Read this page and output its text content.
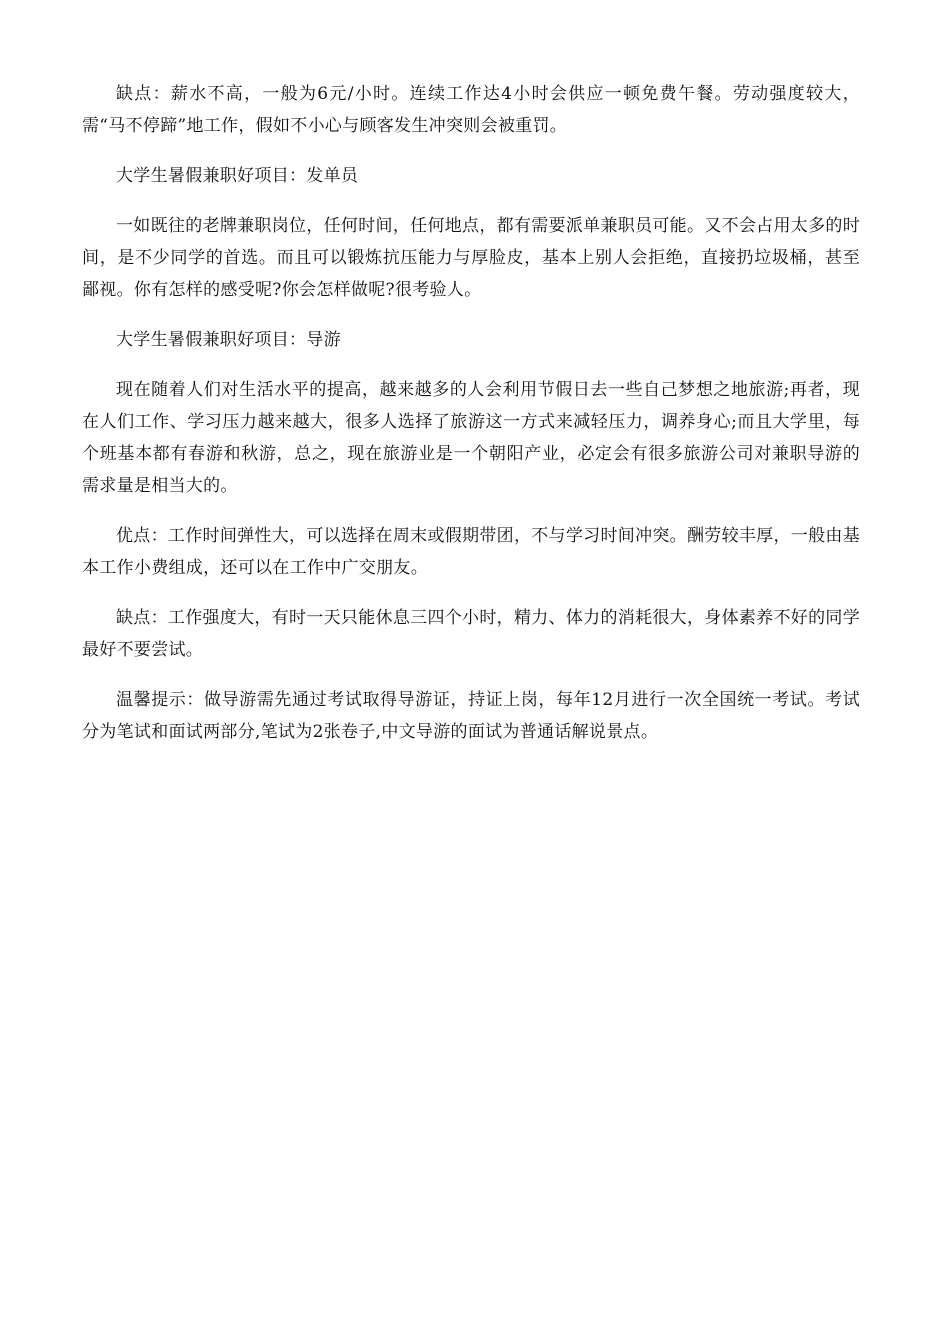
缺点：薪水不高，一般为6元/小时。连续工作达4小时会供应一顿免费午餐。劳动强度较大，需“马不停蹄”地工作，假如不小心与顾客发生冲突则会被重罚。

大学生暑假兼职好项目：发单员

一如既往的老牌兼职岗位，任何时间，任何地点，都有需要派单兼职员可能。又不会占用太多的时间，是不少同学的首选。而且可以锻炼抗压能力与厚脸皮，基本上别人会拒绝，直接扔垃圾桶，甚至鄙视。你有怎样的感受呢?你会怎样做呢?很考验人。

大学生暑假兼职好项目：导游

现在随着人们对生活水平的提高，越来越多的人会利用节假日去一些自己梦想之地旅游;再者，现在人们工作、学习压力越来越大，很多人选择了旅游这一方式来减轻压力，调养身心;而且大学里，每个班基本都有春游和秋游，总之，现在旅游业是一个朝阳产业，必定会有很多旅游公司对兼职导游的需求量是相当大的。

优点：工作时间弹性大，可以选择在周末或假期带团，不与学习时间冲突。酬劳较丰厚，一般由基本工作小费组成，还可以在工作中广交朋友。

缺点：工作强度大，有时一天只能休息三四个小时，精力、体力的消耗很大，身体素养不好的同学最好不要尝试。

温馨提示：做导游需先通过考试取得导游证，持证上岗，每年12月进行一次全国统一考试。考试分为笔试和面试两部分,笔试为2张卷子,中文导游的面试为普通话解说景点。
